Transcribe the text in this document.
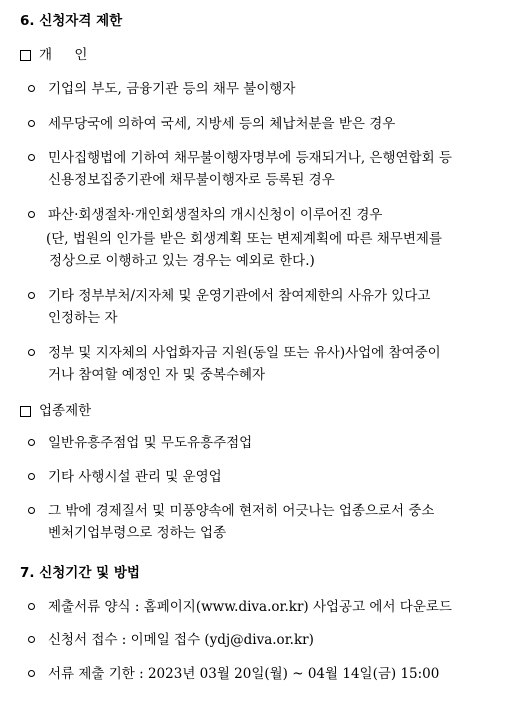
6. 신청자격 제한
개 인
기업의 부도, 금융기관 등의 채무 불이행자
세무당국에 의하여 국세, 지방세 등의 체납처분을 받은 경우
민사집행법에 기하여 채무불이행자명부에 등재되거나, 은행연합회 등
신용정보집중기관에 채무불이행자로 등록된 경우
파산·회생절차·개인회생절차의 개시신청이 이루어진 경우
(단, 법원의 인가를 받은 회생계획 또는 변제계획에 따른 채무변제를
정상으로 이행하고 있는 경우는 예외로 한다.)
기타 정부부처/지자체 및 운영기관에서 참여제한의 사유가 있다고
인정하는 자
정부 및 지자체의 사업화자금 지원(동일 또는 유사)사업에 참여중이
거나 참여할 예정인 자 및 중복수혜자
업종제한
일반유흥주점업 및 무도유흥주점업
기타 사행시설 관리 및 운영업
그 밖에 경제질서 및 미풍양속에 현저히 어긋나는 업종으로서 중소
벤처기업부령으로 정하는 업종
7. 신청기간 및 방법
제출서류 양식 : 홈페이지(www.diva.or.kr) 사업공고 에서 다운로드
신청서 접수 : 이메일 접수 (ydj@diva.or.kr)
서류 제출 기한 : 2023년 03월 20일(월) ~ 04월 14일(금) 15:00
